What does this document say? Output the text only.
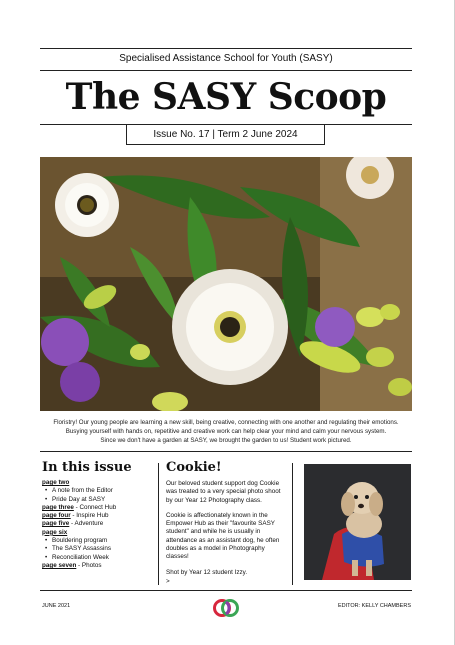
Specialised Assistance School for Youth (SASY)
The SASY Scoop
Issue No. 17 | Term 2 June 2024
Floristry! Our young people are learning a new skill, being creative, connecting with one another and regulating their emotions.
Busying yourself with hands on, repetitive and creative work can help clear your mind and calm your nervous system.
Since we don't have a garden at SASY, we brought the garden to us! Student work pictured.
In this issue
page two
• A note from the Editor
• Pride Day at SASY
page three - Connect Hub
page four - Inspire Hub
page five - Adventure
page six
• Bouldering program
• The SASY Assassins
• Reconciliation Week
page seven - Photos
Cookie!

Our beloved student support dog Cookie was treated to a very special photo shoot by our Year 12 Photography class.

Cookie is affectionately known in the Empower Hub as their "favourite SASY student" and while he is usually in attendance as an assistant dog, he often doubles as a model in Photography classes!

Shot by Year 12 student Izzy.

>

JUNE 2021	EDITOR: KELLY CHAMBERS
